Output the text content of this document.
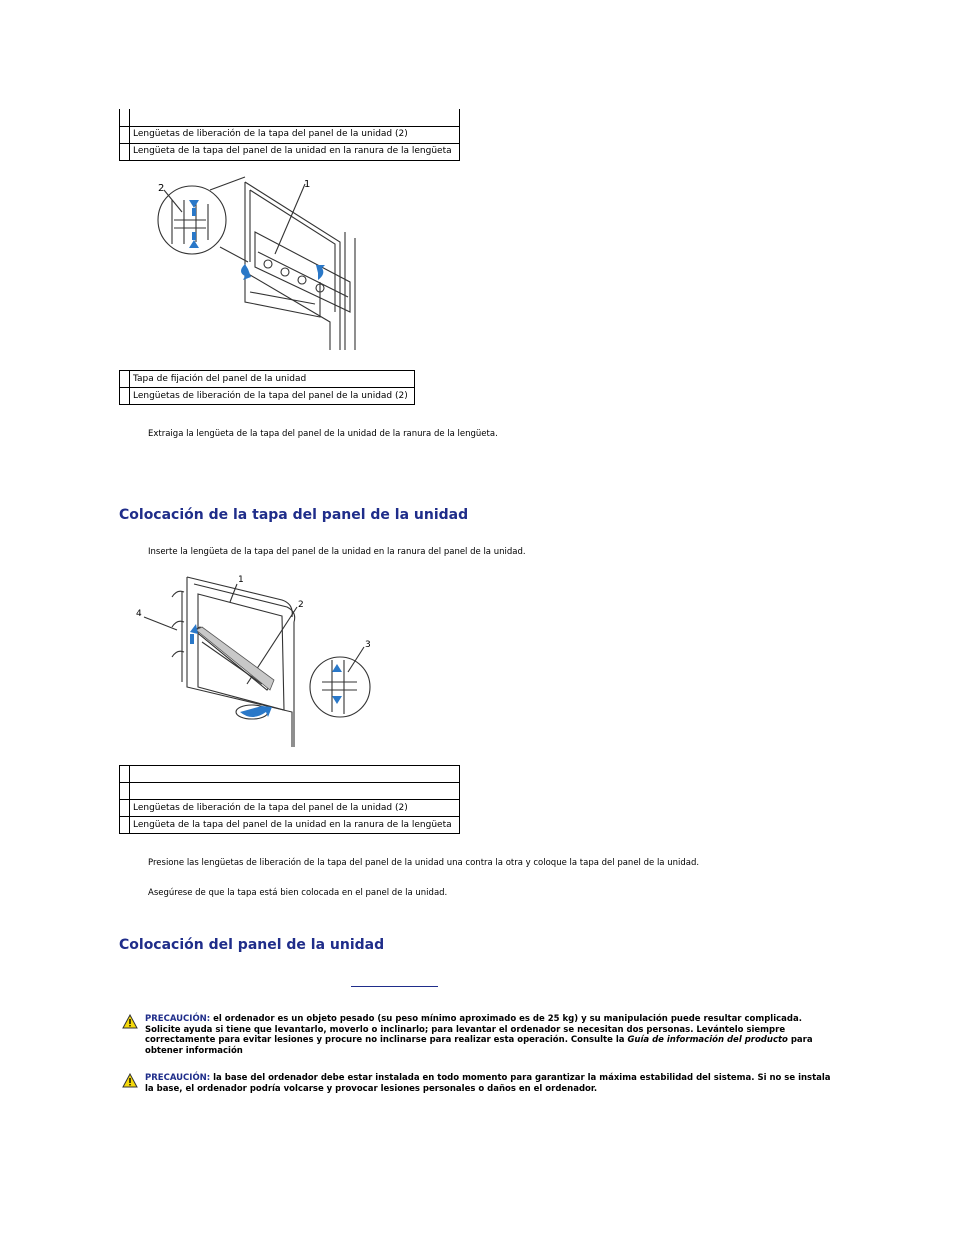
	Lengüetas de liberación de la tapa del panel de la unidad (2)
	Lengüeta de la tapa del panel de la unidad en la ranura de la lengüeta
1
2
	Tapa de fijación del panel de la unidad
	Lengüetas de liberación de la tapa del panel de la unidad (2)
Extraiga la lengüeta de la tapa del panel de la unidad de la ranura de la lengüeta.
Colocación de la tapa del panel de la unidad
Inserte la lengüeta de la tapa del panel de la unidad en la ranura del panel de la unidad.
1
2
3
4

	Lengüetas de liberación de la tapa del panel de la unidad (2)
	Lengüeta de la tapa del panel de la unidad en la ranura de la lengüeta
Presione las lengüetas de liberación de la tapa del panel de la unidad una contra la otra y coloque la tapa del panel de la unidad.
Asegúrese de que la tapa está bien colocada en el panel de la unidad.
Colocación del panel de la unidad
PRECAUCIÓN: el ordenador es un objeto pesado (su peso mínimo aproximado es de 25 kg) y su manipulación puede resultar complicada. Solicite ayuda si tiene que levantarlo, moverlo o inclinarlo; para levantar el ordenador se necesitan dos personas. Levántelo siempre correctamente para evitar lesiones y procure no inclinarse para realizar esta operación. Consulte la Guía de información del producto para obtener información
PRECAUCIÓN: la base del ordenador debe estar instalada en todo momento para garantizar la máxima estabilidad del sistema. Si no se instala la base, el ordenador podría volcarse y provocar lesiones personales o daños en el ordenador.
